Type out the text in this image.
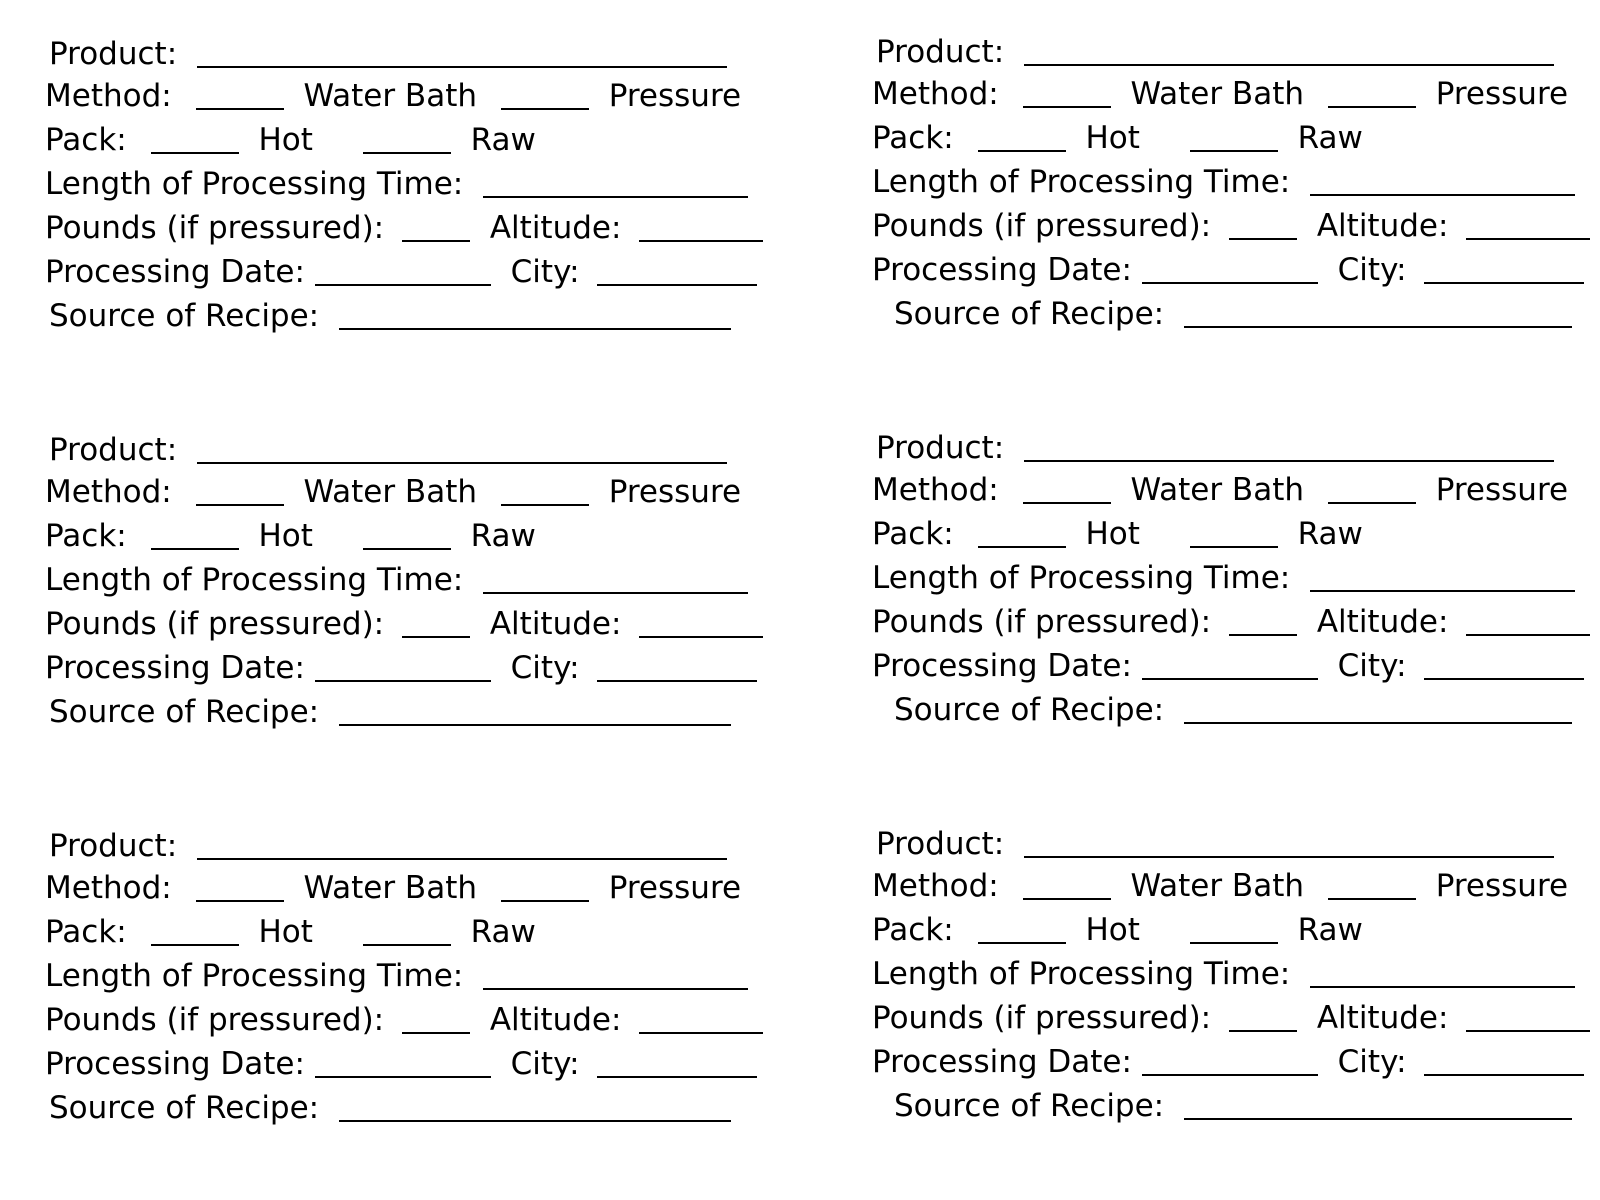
Product:
Method:	Water Bath	Pressure
Pack:	Hot	Raw
Length of Processing Time:
Pounds (if pressured):	Altitude:
Processing Date:	City:
Source of Recipe:
Product:
Method:	Water Bath	Pressure
Pack:	Hot	Raw
Length of Processing Time:
Pounds (if pressured):	Altitude:
Processing Date:	City:
Source of Recipe:
Product:
Method:	Water Bath	Pressure
Pack:	Hot	Raw
Length of Processing Time:
Pounds (if pressured):	Altitude:
Processing Date:	City:
Source of Recipe:
Product:
Method:	Water Bath	Pressure
Pack:	Hot	Raw
Length of Processing Time:
Pounds (if pressured):	Altitude:
Processing Date:	City:
Source of Recipe:
Product:
Method:	Water Bath	Pressure
Pack:	Hot	Raw
Length of Processing Time:
Pounds (if pressured):	Altitude:
Processing Date:	City:
Source of Recipe:
Product:
Method:	Water Bath	Pressure
Pack:	Hot	Raw
Length of Processing Time:
Pounds (if pressured):	Altitude:
Processing Date:	City:
Source of Recipe:
